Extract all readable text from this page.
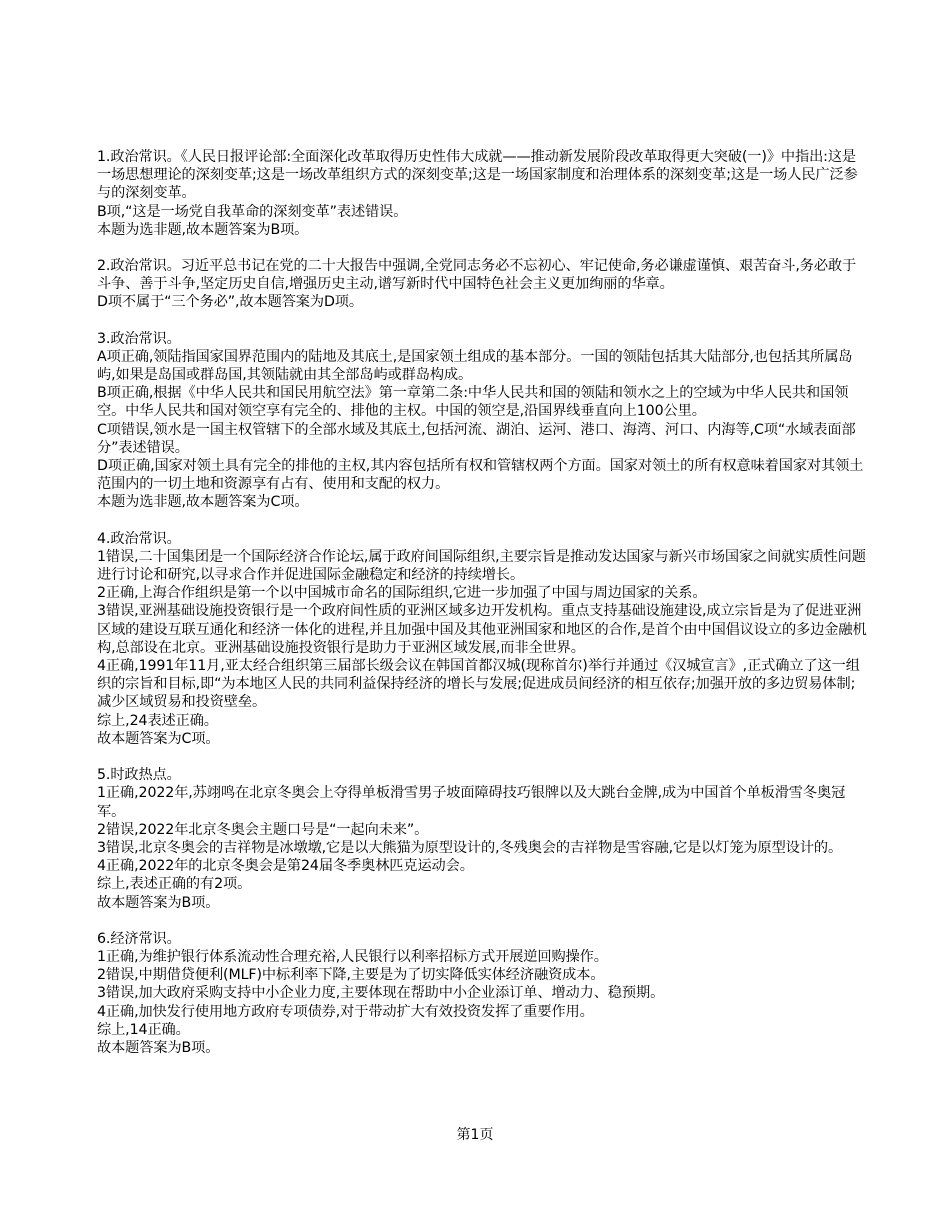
1.政治常识。《人民日报评论部:全面深化改革取得历史性伟大成就——推动新发展阶段改革取得更大突破(一)》中指出:这是一场思想理论的深刻变革;这是一场改革组织方式的深刻变革;这是一场国家制度和治理体系的深刻变革;这是一场人民广泛参与的深刻变革。
B项,“这是一场党自我革命的深刻变革”表述错误。
本题为选非题,故本题答案为B项。
2.政治常识。习近平总书记在党的二十大报告中强调,全党同志务必不忘初心、牢记使命,务必谦虚谨慎、艰苦奋斗,务必敢于斗争、善于斗争,坚定历史自信,增强历史主动,谱写新时代中国特色社会主义更加绚丽的华章。
D项不属于“三个务必”,故本题答案为D项。
3.政治常识。
A项正确,领陆指国家国界范围内的陆地及其底土,是国家领土组成的基本部分。一国的领陆包括其大陆部分,也包括其所属岛屿,如果是岛国或群岛国,其领陆就由其全部岛屿或群岛构成。
B项正确,根据《中华人民共和国民用航空法》第一章第二条:中华人民共和国的领陆和领水之上的空域为中华人民共和国领空。中华人民共和国对领空享有完全的、排他的主权。中国的领空是,沿国界线垂直向上100公里。
C项错误,领水是一国主权管辖下的全部水域及其底土,包括河流、湖泊、运河、港口、海湾、河口、内海等,C项“水域表面部分”表述错误。
D项正确,国家对领土具有完全的排他的主权,其内容包括所有权和管辖权两个方面。国家对领土的所有权意味着国家对其领土范围内的一切土地和资源享有占有、使用和支配的权力。
本题为选非题,故本题答案为C项。
4.政治常识。
1错误,二十国集团是一个国际经济合作论坛,属于政府间国际组织,主要宗旨是推动发达国家与新兴市场国家之间就实质性问题进行讨论和研究,以寻求合作并促进国际金融稳定和经济的持续增长。
2正确,上海合作组织是第一个以中国城市命名的国际组织,它进一步加强了中国与周边国家的关系。
3错误,亚洲基础设施投资银行是一个政府间性质的亚洲区域多边开发机构。重点支持基础设施建设,成立宗旨是为了促进亚洲区域的建设互联互通化和经济一体化的进程,并且加强中国及其他亚洲国家和地区的合作,是首个由中国倡议设立的多边金融机构,总部设在北京。亚洲基础设施投资银行是助力于亚洲区域发展,而非全世界。
4正确,1991年11月,亚太经合组织第三届部长级会议在韩国首都汉城(现称首尔)举行并通过《汉城宣言》,正式确立了这一组织的宗旨和目标,即“为本地区人民的共同利益保持经济的增长与发展;促进成员间经济的相互依存;加强开放的多边贸易体制;减少区域贸易和投资壁垒。
综上,24表述正确。
故本题答案为C项。
5.时政热点。
1正确,2022年,苏翊鸣在北京冬奥会上夺得单板滑雪男子坡面障碍技巧银牌以及大跳台金牌,成为中国首个单板滑雪冬奥冠军。
2错误,2022年北京冬奥会主题口号是“一起向未来”。
3错误,北京冬奥会的吉祥物是冰墩墩,它是以大熊猫为原型设计的,冬残奥会的吉祥物是雪容融,它是以灯笼为原型设计的。
4正确,2022年的北京冬奥会是第24届冬季奥林匹克运动会。
综上,表述正确的有2项。
故本题答案为B项。
6.经济常识。
1正确,为维护银行体系流动性合理充裕,人民银行以利率招标方式开展逆回购操作。
2错误,中期借贷便利(MLF)中标利率下降,主要是为了切实降低实体经济融资成本。
3错误,加大政府采购支持中小企业力度,主要体现在帮助中小企业添订单、增动力、稳预期。
4正确,加快发行使用地方政府专项债券,对于带动扩大有效投资发挥了重要作用。
综上,14正确。
故本题答案为B项。
第1页
